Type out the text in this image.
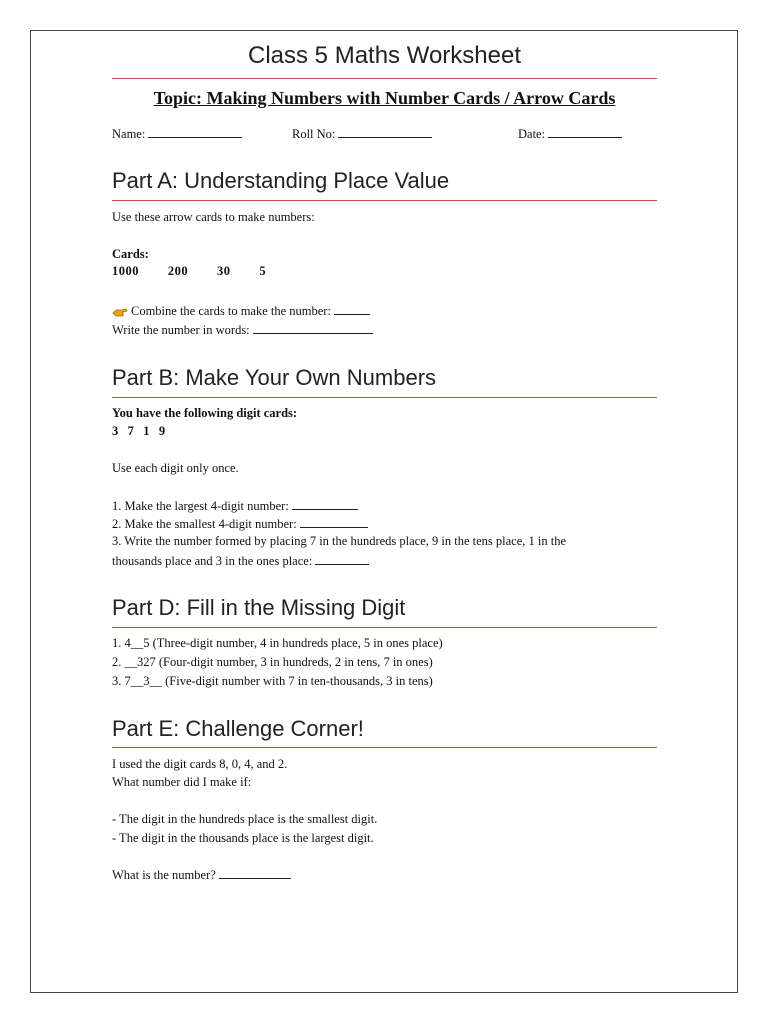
Class 5 Maths Worksheet
Topic: Making Numbers with Number Cards / Arrow Cards
Name:	Roll No:	Date:
Part A: Understanding Place Value
Use these arrow cards to make numbers:
Cards:
1000   200   30   5
Combine the cards to make the number:
Write the number in words:
Part B: Make Your Own Numbers
You have the following digit cards:
3   7   1   9
Use each digit only once.
1. Make the largest 4-digit number:
2. Make the smallest 4-digit number:
3. Write the number formed by placing 7 in the hundreds place, 9 in the tens place, 1 in the
thousands place and 3 in the ones place:
Part D: Fill in the Missing Digit
1. 4__5 (Three-digit number, 4 in hundreds place, 5 in ones place)
2. __327 (Four-digit number, 3 in hundreds, 2 in tens, 7 in ones)
3. 7__3__ (Five-digit number with 7 in ten-thousands, 3 in tens)
Part E: Challenge Corner!
I used the digit cards 8, 0, 4, and 2.
What number did I make if:
- The digit in the hundreds place is the smallest digit.
- The digit in the thousands place is the largest digit.
What is the number?
